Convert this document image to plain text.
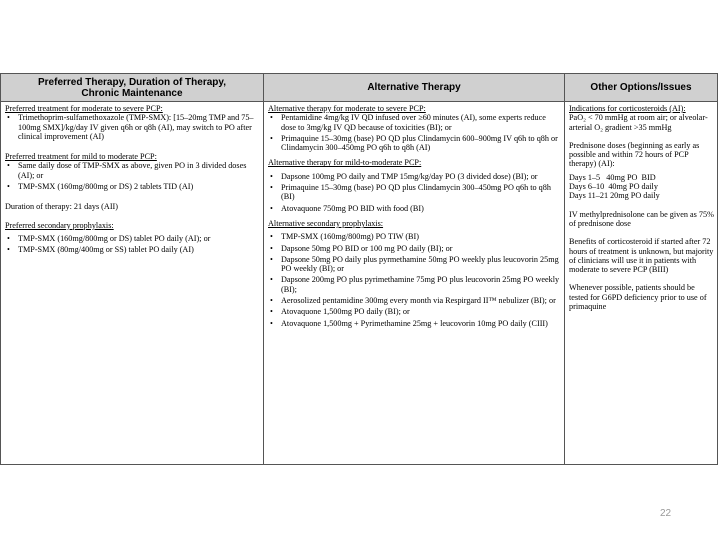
Preferred Therapy, Duration of Therapy,
Chronic Maintenance	Alternative Therapy	Other Options/Issues

Preferred treatment for moderate to severe PCP:

• Trimethoprim-sulfamethoxazole (TMP-SMX): [15–20mg TMP and 75–100mg SMX]/kg/day IV given q6h or q8h (AI), may switch to PO after clinical improvement (AI)

Preferred treatment for mild to moderate PCP:

• Same daily dose of TMP-SMX as above, given PO in 3 divided doses (AI); or
• TMP-SMX (160mg/800mg or DS) 2 tablets TID (AI)

Duration of therapy: 21 days (AII)

Preferred secondary prophylaxis:

• TMP-SMX (160mg/800mg or DS) tablet PO daily (AI); or
• TMP-SMX (80mg/400mg or SS) tablet PO daily (AI)

Alternative therapy for moderate to severe PCP:

• Pentamidine 4mg/kg IV QD infused over ≥60 minutes (AI), some experts reduce dose to 3mg/kg IV QD because of toxicities (BI); or
• Primaquine 15–30mg (base) PO QD plus Clindamycin 600–900mg IV q6h to q8h or Clindamycin 300–450mg PO q6h to q8h (AI)

Alternative therapy for mild-to-moderate PCP:

• Dapsone 100mg PO daily and TMP 15mg/kg/day PO (3 divided dose) (BI); or
• Primaquine 15–30mg (base) PO QD plus Clindamycin 300–450mg PO q6h to q8h (BI)
• Atovaquone 750mg PO BID with food (BI)

Alternative secondary prophylaxis:

• TMP-SMX (160mg/800mg) PO TIW (BI)
• Dapsone 50mg PO BID or 100 mg PO daily (BI); or
• Dapsone 50mg PO daily plus pyrmethamine 50mg PO weekly plus leucovorin 25mg PO weekly (BI); or
• Dapsone 200mg PO plus pyrimethamine 75mg PO plus leucovorin 25mg PO weekly (BI);
• Aerosolized pentamidine 300mg every month via Respirgard II™ nebulizer (BI); or
• Atovaquone 1,500mg PO daily (BI); or
• Atovaquone 1,500mg + Pyrimethamine 25mg + leucovorin 10mg PO daily (CIII)

Indications for corticosteroids (AI):

PaO₂ < 70 mmHg at room air; or alveolar-arterial O₂ gradient >35 mmHg

Prednisone doses (beginning as early as possible and within 72 hours of PCP therapy) (AI):

Days 1–5   40mg PO  BID

Days 6–10  40mg PO daily

Days 11–21 20mg PO daily

IV methylprednisolone can be given as 75% of prednisone dose

Benefits of corticosteroid if started after 72 hours of treatment is unknown, but majority of clinicians will use it in patients with moderate to severe PCP (BIII)

Whenever possible, patients should be tested for G6PD deficiency prior to use of primaquine

22
